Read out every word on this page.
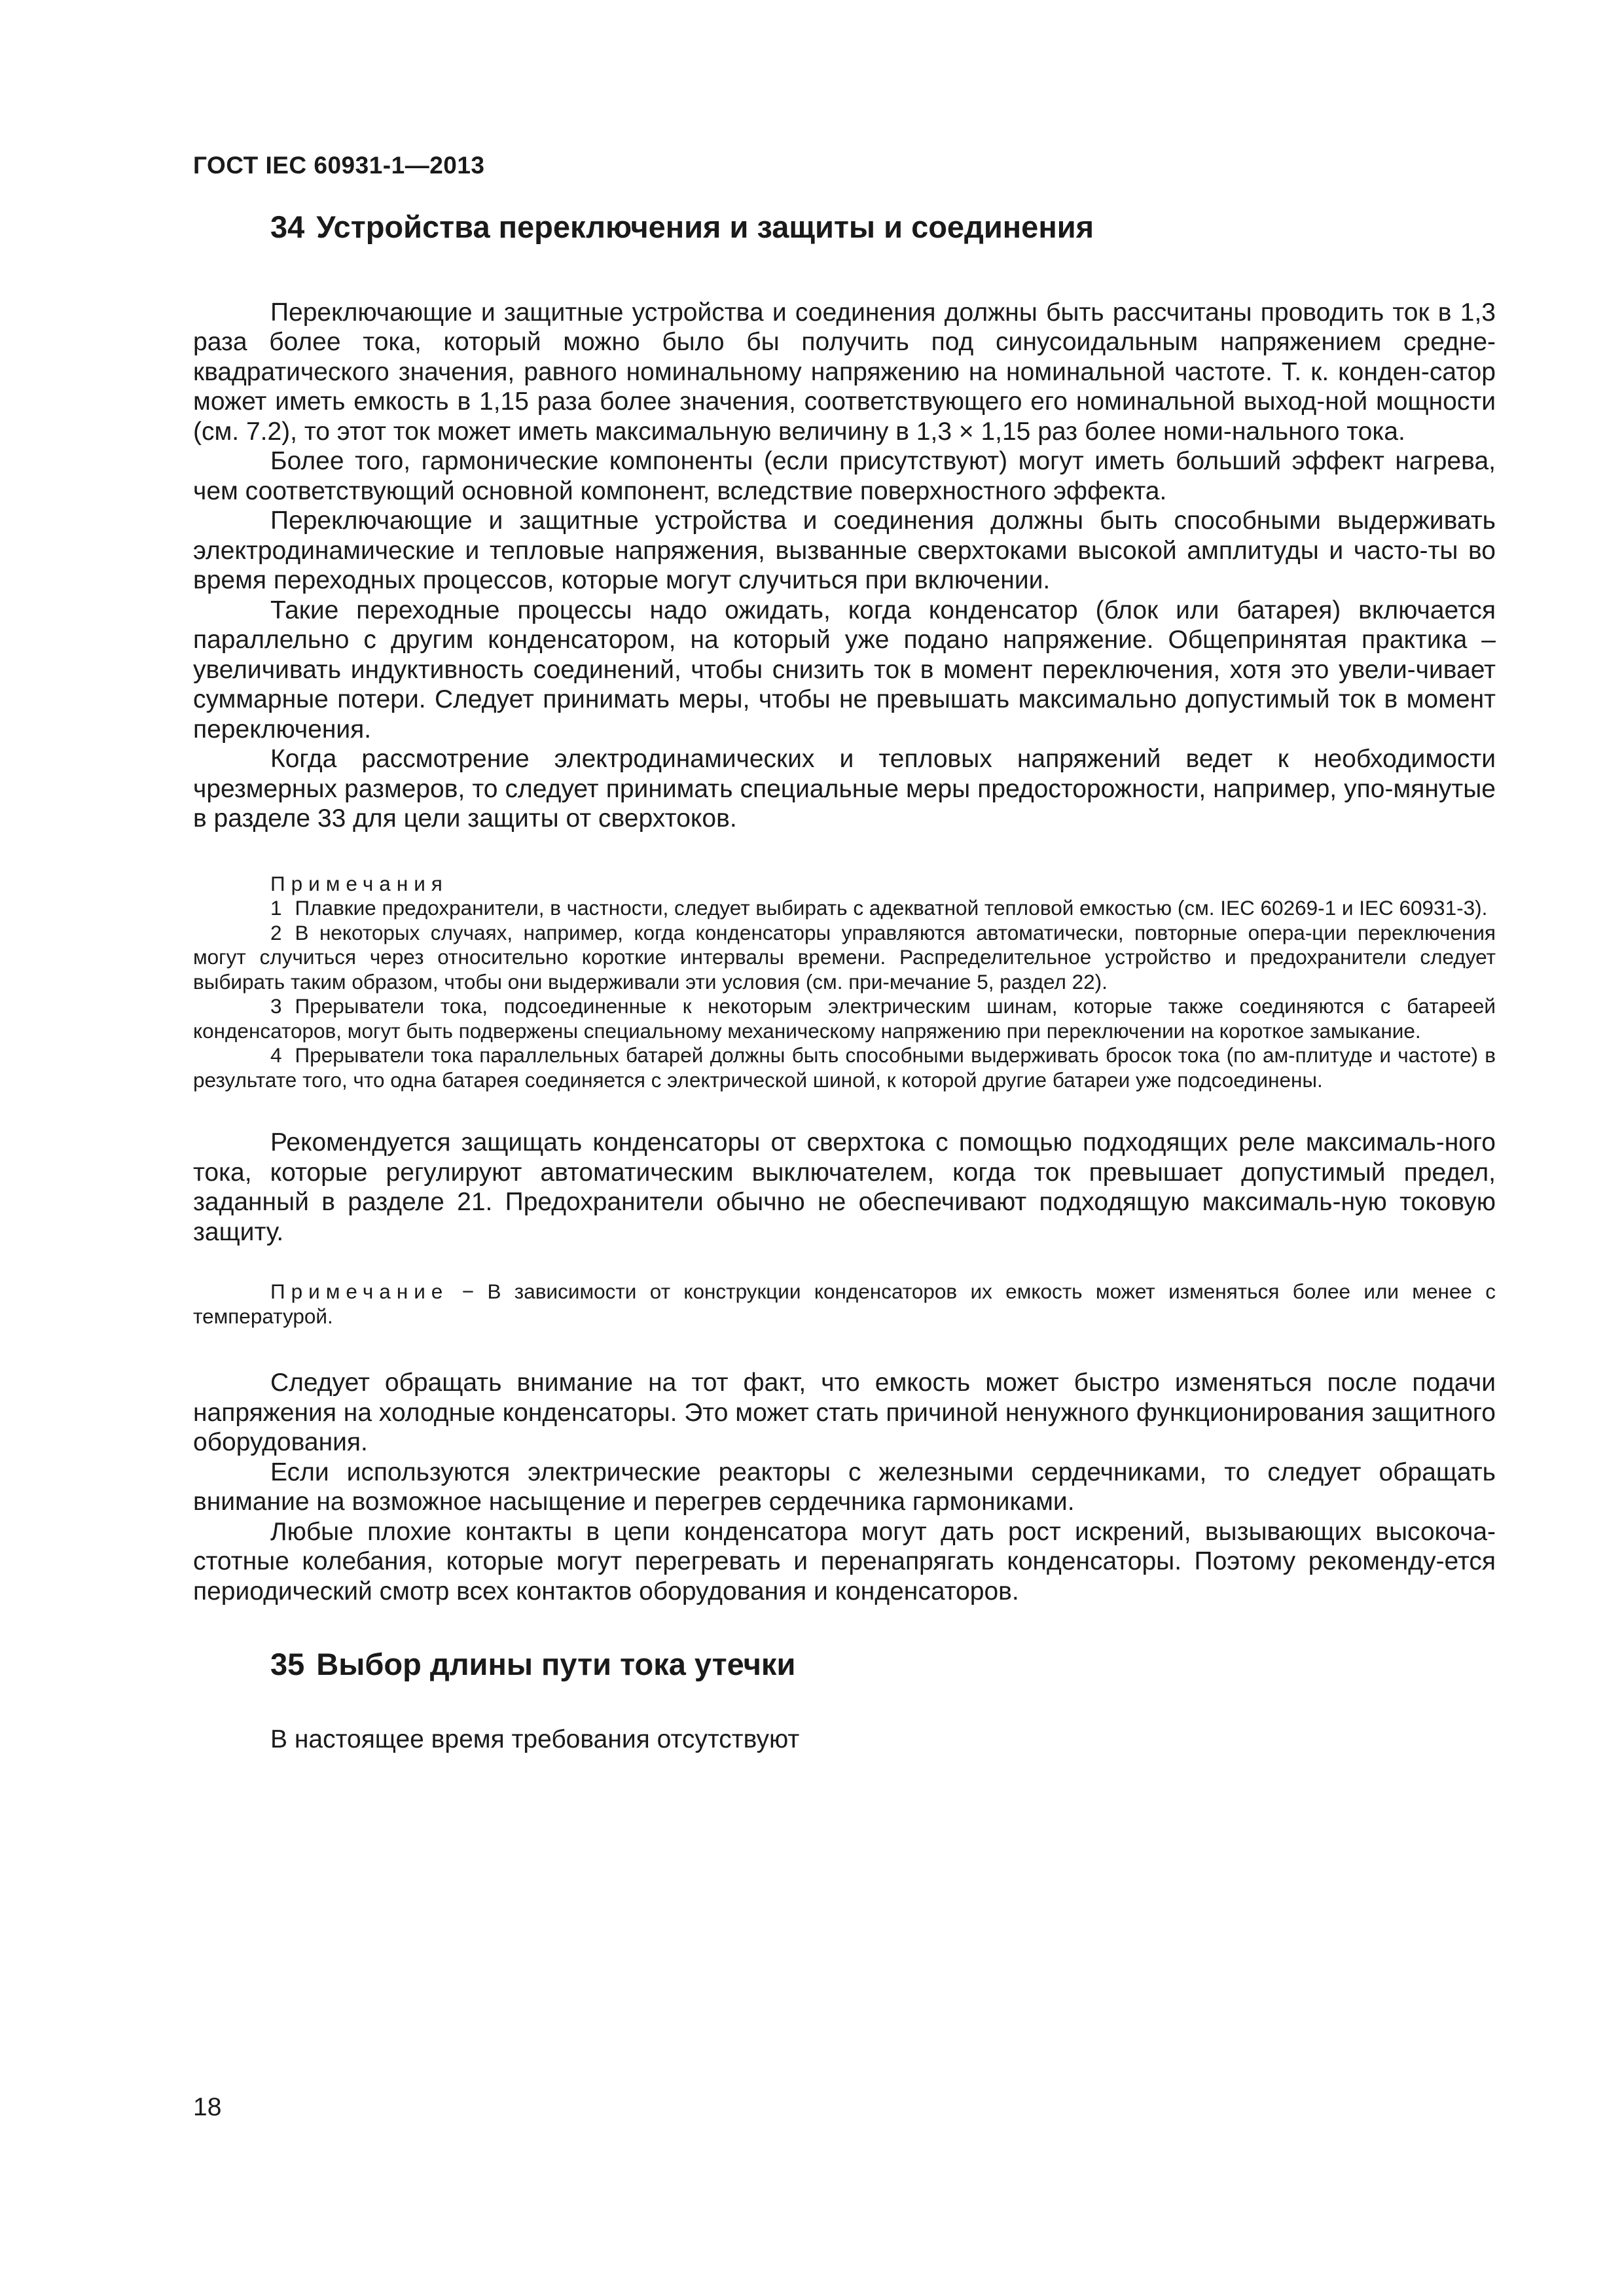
ГОСТ IEC 60931-1—2013
34 Устройства переключения и защиты и соединения

Переключающие и защитные устройства и соединения должны быть рассчитаны проводить ток в 1,3 раза более тока, который можно было бы получить под синусоидальным напряжением средне-квадратического значения, равного номинальному напряжению на номинальной частоте. Т. к. конден-сатор может иметь емкость в 1,15 раза более значения, соответствующего его номинальной выход-ной мощности (см. 7.2), то этот ток может иметь максимальную величину в 1,3 × 1,15 раз более номи-нального тока.

Более того, гармонические компоненты (если присутствуют) могут иметь больший эффект нагрева, чем соответствующий основной компонент, вследствие поверхностного эффекта.

Переключающие и защитные устройства и соединения должны быть способными выдерживать электродинамические и тепловые напряжения, вызванные сверхтоками высокой амплитуды и часто-ты во время переходных процессов, которые могут случиться при включении.

Такие переходные процессы надо ожидать, когда конденсатор (блок или батарея) включается параллельно с другим конденсатором, на который уже подано напряжение. Общепринятая практика – увеличивать индуктивность соединений, чтобы снизить ток в момент переключения, хотя это увели-чивает суммарные потери. Следует принимать меры, чтобы не превышать максимально допустимый ток в момент переключения.

Когда рассмотрение электродинамических и тепловых напряжений ведет к необходимости чрезмерных размеров, то следует принимать специальные меры предосторожности, например, упо-мянутые в разделе 33 для цели защиты от сверхтоков.

Примечания

1 Плавкие предохранители, в частности, следует выбирать с адекватной тепловой емкостью (см. IEC 60269-1 и IEC 60931-3).

2 В некоторых случаях, например, когда конденсаторы управляются автоматически, повторные опера-ции переключения могут случиться через относительно короткие интервалы времени. Распределительное устройство и предохранители следует выбирать таким образом, чтобы они выдерживали эти условия (см. при-мечание 5, раздел 22).

3 Прерыватели тока, подсоединенные к некоторым электрическим шинам, которые также соединяются с батареей конденсаторов, могут быть подвержены специальному механическому напряжению при переключении на короткое замыкание.

4 Прерыватели тока параллельных батарей должны быть способными выдерживать бросок тока (по ам-плитуде и частоте) в результате того, что одна батарея соединяется с электрической шиной, к которой другие батареи уже подсоединены.

Рекомендуется защищать конденсаторы от сверхтока с помощью подходящих реле максималь-ного тока, которые регулируют автоматическим выключателем, когда ток превышает допустимый предел, заданный в разделе 21. Предохранители обычно не обеспечивают подходящую максималь-ную токовую защиту.

Примечание − В зависимости от конструкции конденсаторов их емкость может изменяться более или менее с температурой.

Следует обращать внимание на тот факт, что емкость может быстро изменяться после подачи напряжения на холодные конденсаторы. Это может стать причиной ненужного функционирования защитного оборудования.

Если используются электрические реакторы с железными сердечниками, то следует обращать внимание на возможное насыщение и перегрев сердечника гармониками.

Любые плохие контакты в цепи конденсатора могут дать рост искрений, вызывающих высокоча-стотные колебания, которые могут перегревать и перенапрягать конденсаторы. Поэтому рекоменду-ется периодический смотр всех контактов оборудования и конденсаторов.

35 Выбор длины пути тока утечки

В настоящее время требования отсутствуют

18
